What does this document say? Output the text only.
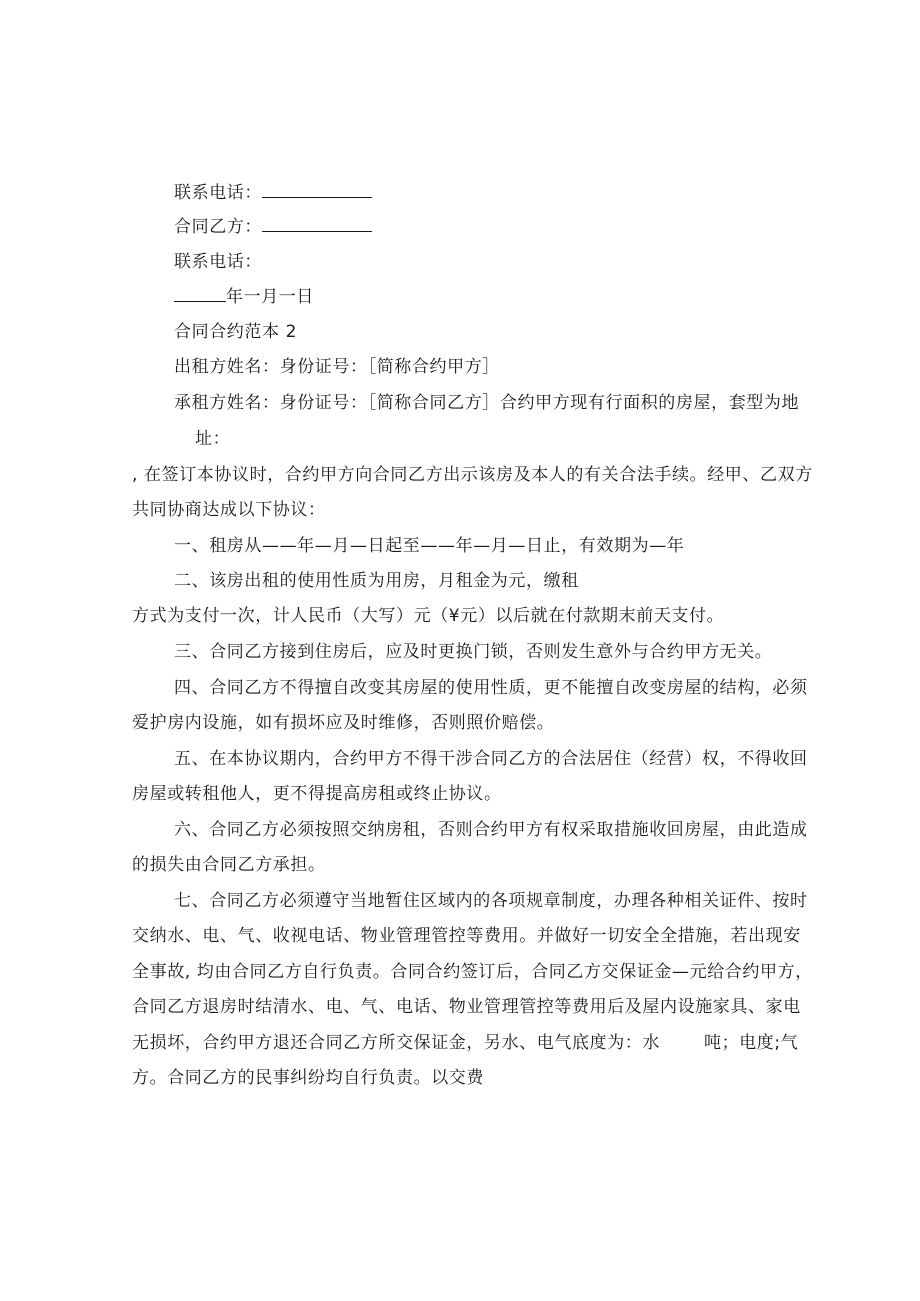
联系电话：
合同乙方：
联系电话：
年一月一日
合同合约范本 2
出租方姓名：身份证号：［简称合约甲方］
承租方姓名：身份证号：［简称合同乙方］合约甲方现有行面积的房屋，套型为地
址：
, 在签订本协议时，合约甲方向合同乙方出示该房及本人的有关合法手续。经甲、乙双方
共同协商达成以下协议：
一、租房从——年—月—日起至——年—月—日止，有效期为—年
二、该房出租的使用性质为用房，月租金为元，缴租
方式为支付一次，计人民币（大写）元（¥元）以后就在付款期末前天支付。
三、合同乙方接到住房后，应及时更换门锁，否则发生意外与合约甲方无关。
四、合同乙方不得擅自改变其房屋的使用性质，更不能擅自改变房屋的结构，必须
爱护房内设施，如有损坏应及时维修，否则照价赔偿。
五、在本协议期内，合约甲方不得干涉合同乙方的合法居住（经营）权，不得收回
房屋或转租他人，更不得提高房租或终止协议。
六、合同乙方必须按照交纳房租，否则合约甲方有权采取措施收回房屋，由此造成
的损失由合同乙方承担。
七、合同乙方必须遵守当地暂住区域内的各项规章制度，办理各种相关证件、按时
交纳水、电、气、收视电话、物业管理管控等费用。并做好一切安全全措施，若出现安
全事故, 均由合同乙方自行负责。合同合约签订后，合同乙方交保证金—元给合约甲方，
合同乙方退房时结清水、电、气、电话、物业管理管控等费用后及屋内设施家具、家电
无损坏，合约甲方退还合同乙方所交保证金，另水、电气底度为：水	吨；电度;气
方。合同乙方的民事纠纷均自行负责。以交费
